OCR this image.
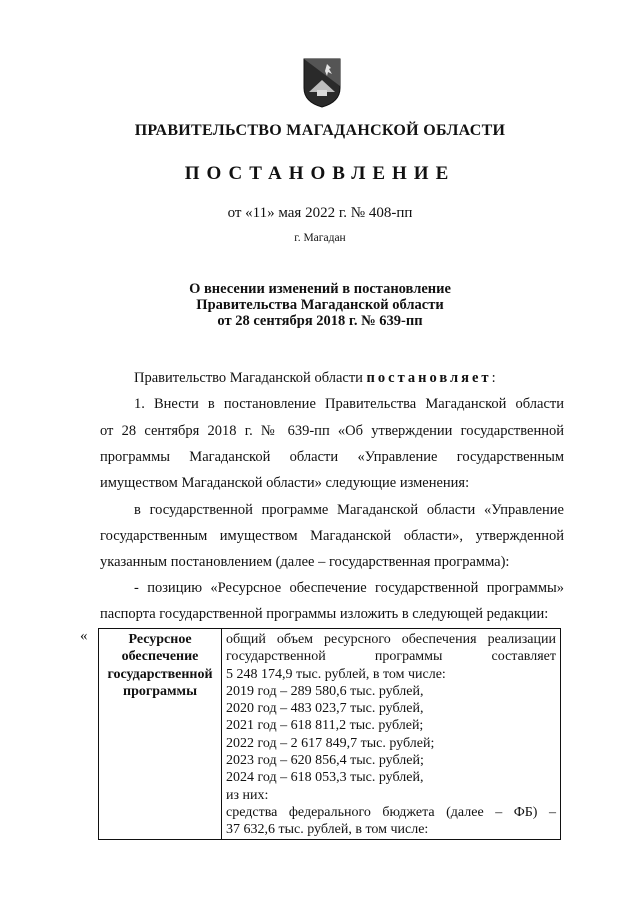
ПРАВИТЕЛЬСТВО МАГАДАНСКОЙ ОБЛАСТИ
ПОСТАНОВЛЕНИЕ
от «11» мая 2022 г. № 408-пп
г. Магадан
О внесении изменений в постановление
Правительства Магаданской области
от 28 сентября 2018 г. № 639-пп
Правительство Магаданской области постановляет:
1. Внести в постановление Правительства Магаданской области
от 28 сентября 2018 г. № 639-пп «Об утверждении государственной
программы Магаданской области «Управление государственным
имуществом Магаданской области» следующие изменения:
в государственной программе Магаданской области «Управление
государственным имуществом Магаданской области», утвержденной
указанным постановлением (далее – государственная программа):
- позицию «Ресурсное обеспечение государственной программы»
паспорта государственной программы изложить в следующей редакции:
«	Ресурсное
обеспечение
государственной
программы

общий объем ресурсного обеспечения реализации
государственной программы составляет
5 248 174,9 тыс. рублей, в том числе:
2019 год – 289 580,6 тыс. рублей,
2020 год – 483 023,7 тыс. рублей,
2021 год – 618 811,2 тыс. рублей;
2022 год – 2 617 849,7 тыс. рублей;
2023 год – 620 856,4 тыс. рублей;
2024 год – 618 053,3 тыс. рублей,
из них:
средства федерального бюджета (далее – ФБ) –
37 632,6 тыс. рублей, в том числе:
